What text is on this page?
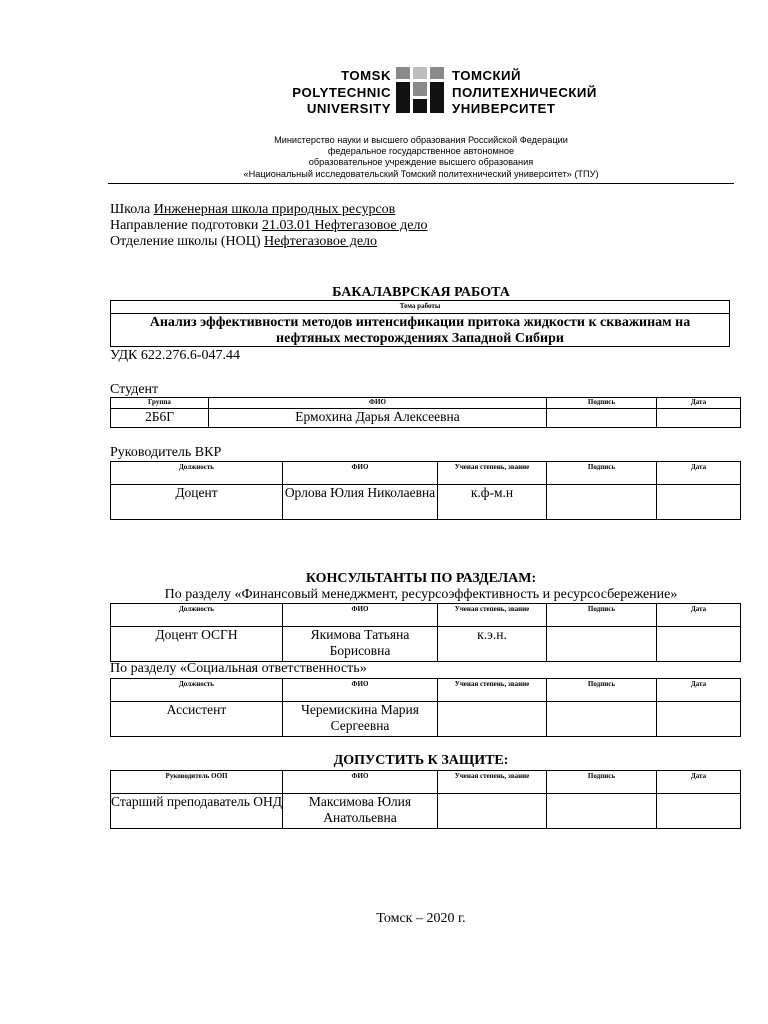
TOMSK
POLYTECHNIC
UNIVERSITY
ТОМСКИЙ
ПОЛИТЕХНИЧЕСКИЙ
УНИВЕРСИТЕТ
Министерство науки и высшего образования Российской Федерации
федеральное государственное автономное
образовательное учреждение высшего образования
«Национальный исследовательский Томский политехнический университет» (ТПУ)
Школа Инженерная школа природных ресурсов
Направление подготовки 21.03.01 Нефтегазовое дело
Отделение школы (НОЦ) Нефтегазовое дело
БАКАЛАВРСКАЯ РАБОТА
Тема работы
Анализ эффективности методов интенсификации притока жидкости к скважинам на
нефтяных месторождениях Западной Сибири
УДК 622.276.6-047.44
Студент
Группа	ФИО	Подпись	Дата
2Б6Г	Ермохина Дарья Алексеевна		
Руководитель ВКР
Должность	ФИО	Ученая степень, звание	Подпись	Дата
Доцент	Орлова Юлия Николаевна	к.ф-м.н		
КОНСУЛЬТАНТЫ ПО РАЗДЕЛАМ:
По разделу «Финансовый менеджмент, ресурсоэффективность и ресурсосбережение»
Должность	ФИО	Ученая степень, звание	Подпись	Дата
Доцент ОСГН	Якимова Татьяна Борисовна	к.э.н.		
По разделу «Социальная ответственность»
Должность	ФИО	Ученая степень, звание	Подпись	Дата
Ассистент	Черемискина Мария Сергеевна			
ДОПУСТИТЬ К ЗАЩИТЕ:
Руководитель ООП	ФИО	Ученая степень, звание	Подпись	Дата
Старший преподаватель ОНД	Максимова Юлия Анатольевна			
Томск – 2020 г.
